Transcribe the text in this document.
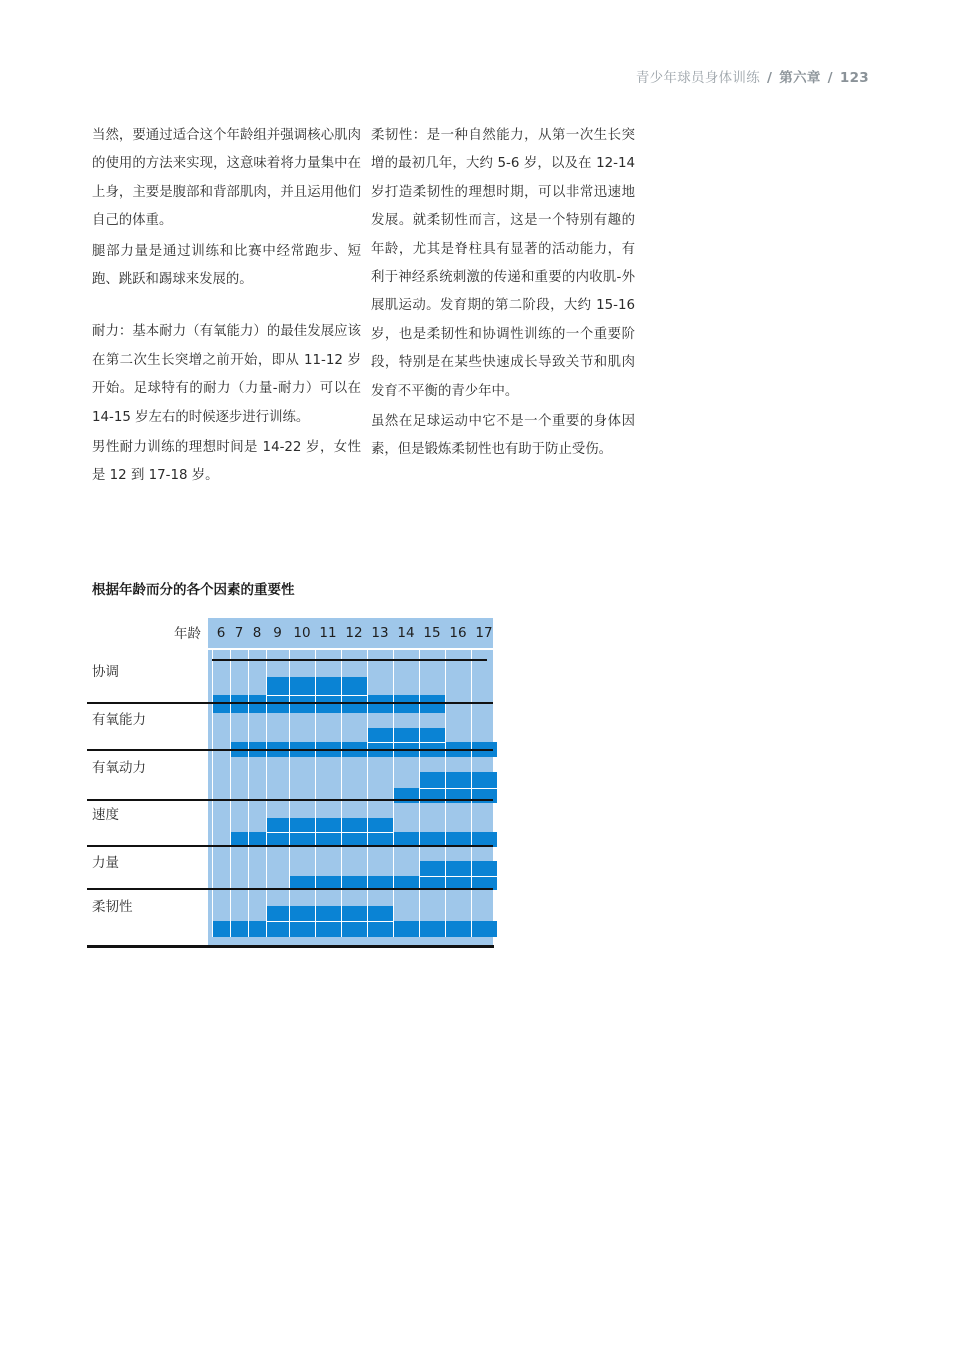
青少年球员身体训练 / 第六章 / 123

当然，要通过适合这个年龄组并强调核心肌肉的使用的方法来实现，这意味着将力量集中在上身，主要是腹部和背部肌肉，并且运用他们自己的体重。

腿部力量是通过训练和比赛中经常跑步、短跑、跳跃和踢球来发展的。

耐力：基本耐力（有氧能力）的最佳发展应该在第二次生长突增之前开始，即从 11-12 岁开始。足球特有的耐力（力量-耐力）可以在 14-15 岁左右的时候逐步进行训练。

男性耐力训练的理想时间是 14-22 岁，女性是 12 到 17-18 岁。

柔韧性：是一种自然能力，从第一次生长突增的最初几年，大约 5-6 岁，以及在 12-14 岁打造柔韧性的理想时期，可以非常迅速地发展。就柔韧性而言，这是一个特别有趣的年龄，尤其是脊柱具有显著的活动能力，有利于神经系统刺激的传递和重要的内收肌-外展肌运动。发育期的第二阶段，大约 15-16 岁，也是柔韧性和协调性训练的一个重要阶段，特别是在某些快速成长导致关节和肌肉发育不平衡的青少年中。

虽然在足球运动中它不是一个重要的身体因素，但是锻炼柔韧性也有助于防止受伤。

根据年龄而分的各个因素的重要性
年龄	6 7 8 9 10 11 12 13 14 15 16 17
协调
有氧能力
有氧动力
速度
力量
柔韧性
